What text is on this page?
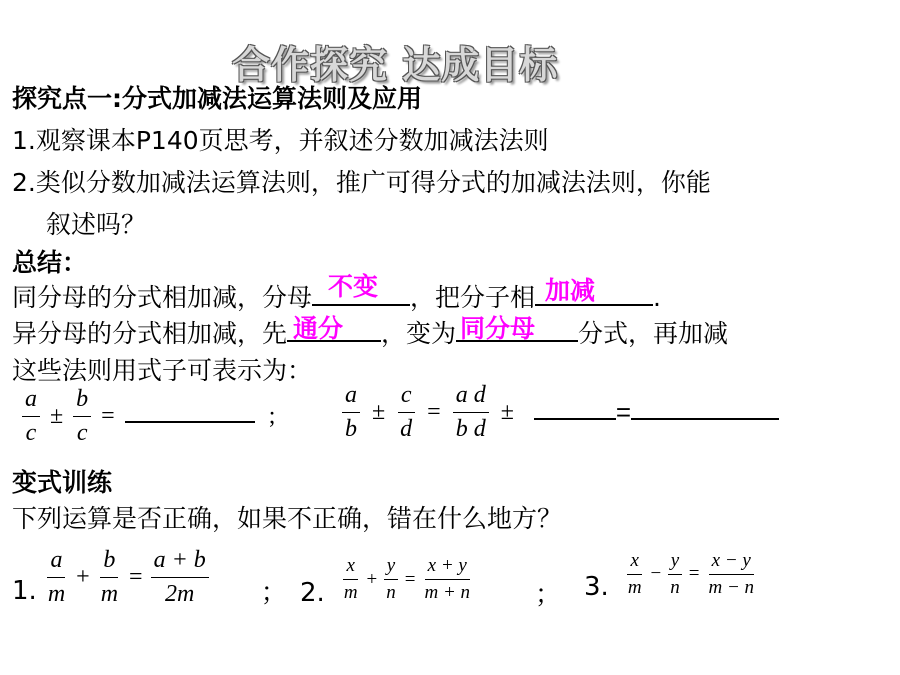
合作探究 达成目标
探究点一:分式加减法运算法则及应用
1.观察课本P140页思考，并叙述分数加减法法则
2.类似分数加减法运算法则，推广可得分式的加减法法则，你能
叙述吗？
总结：
同分母的分式相加减，分母 不变 ，把分子相 加减 .
异分母的分式相加减，先 通分 ，变为 同分母 分式，再加减
这些法则用式子可表示为：
$\frac{a}{c} \pm \frac{b}{c}$ =	;	$\frac{a}{b} \pm \frac{c}{d} = \frac{\text{a d}}{\text{b d}}$ ±	=
变式训练
下列运算是否正确，如果不正确，错在什么地方？
1. $\frac{a}{m} + \frac{b}{m} = \frac{a + b}{2m}$ ； 2. $\frac{x}{m} + \frac{y}{n} = \frac{x + y}{m + n}$ ； 3. $\frac{x}{m} - \frac{y}{n} = \frac{x - y}{m - n}$
